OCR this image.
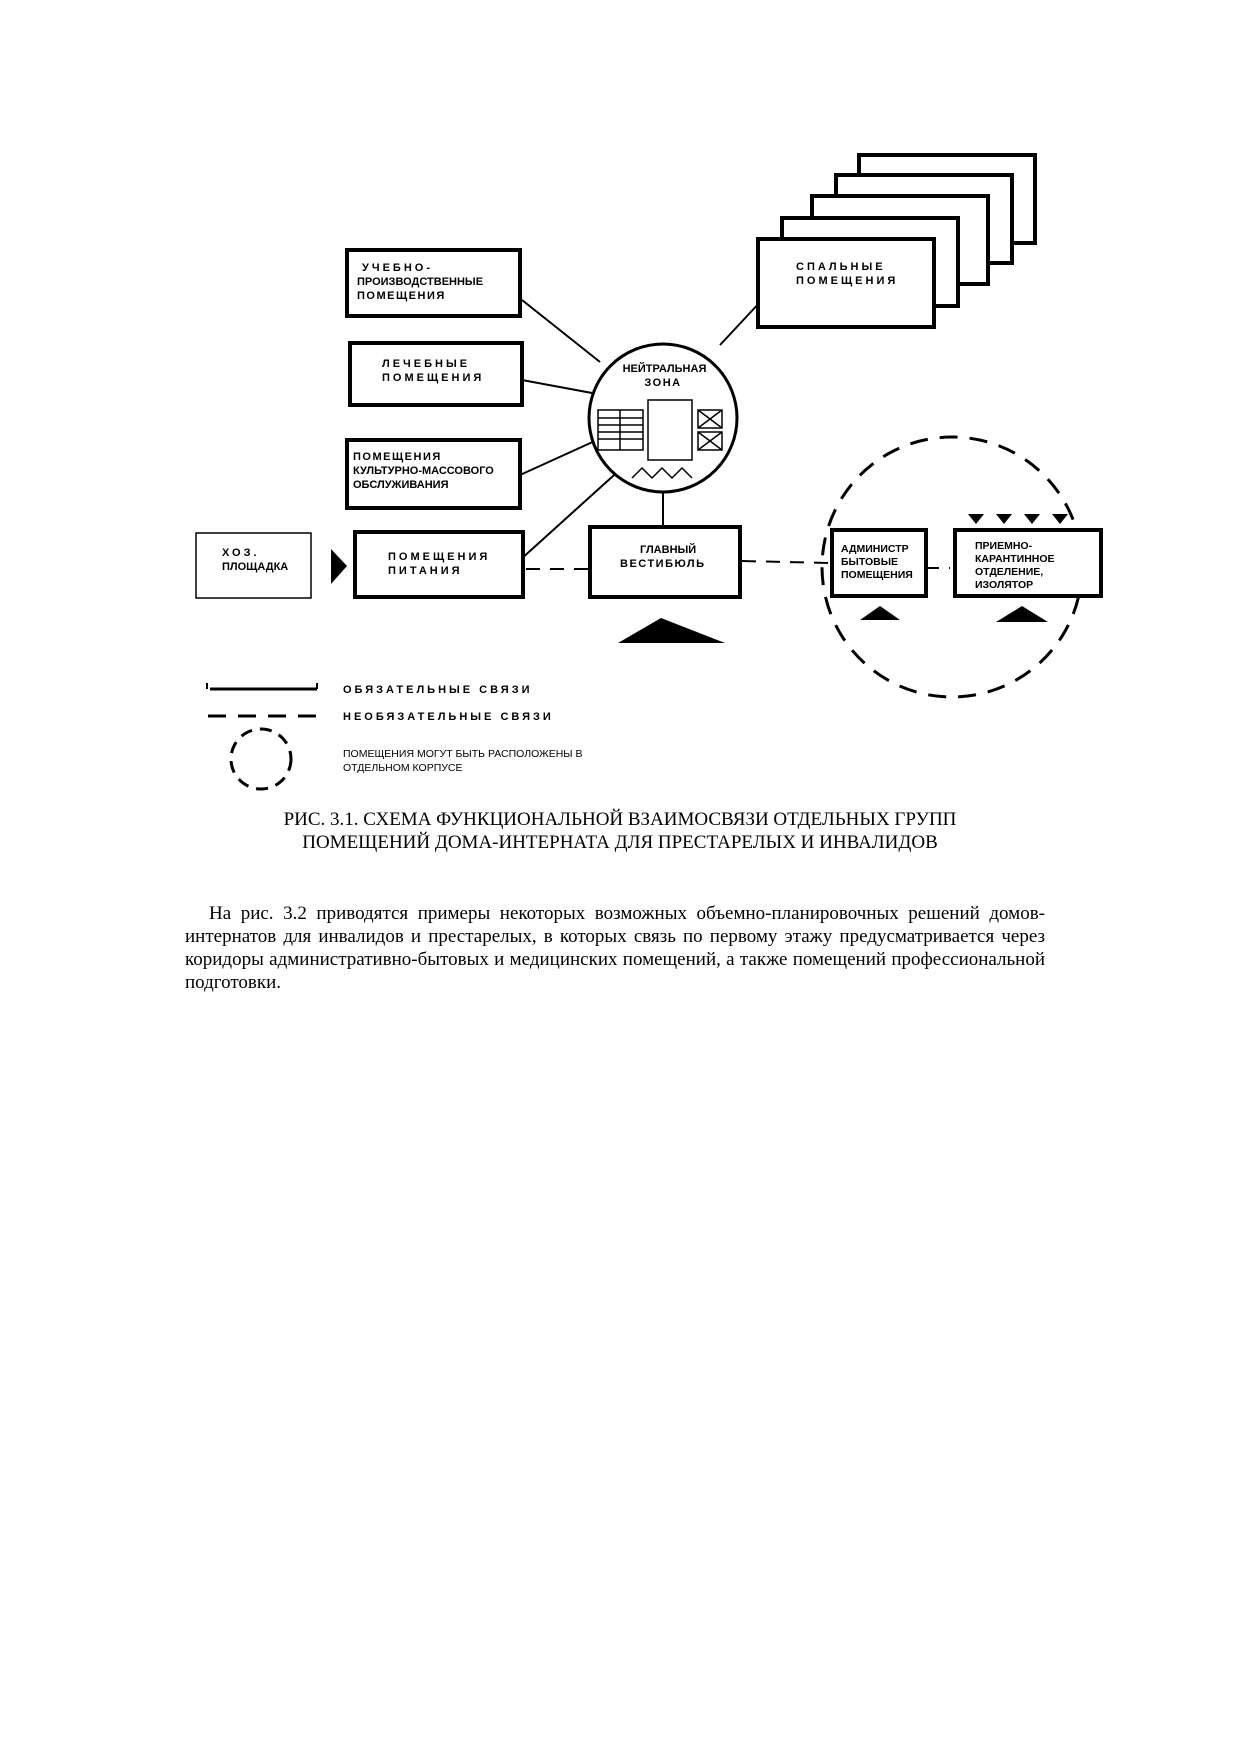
НЕЙТРАЛЬНАЯ ЗОНА
УЧЕБНО- ПРОИЗВОДСТВЕННЫЕ ПОМЕЩЕНИЯ
ЛЕЧЕБНЫЕ ПОМЕЩЕНИЯ
ПОМЕЩЕНИЯ КУЛЬТУРНО-МАССОВОГО ОБСЛУЖИВАНИЯ
ПОМЕЩЕНИЯ ПИТАНИЯ
ХОЗ. ПЛОЩАДКА
СПАЛЬНЫЕ ПОМЕЩЕНИЯ
ГЛАВНЫЙ ВЕСТИБЮЛЬ
АДМИНИСТР БЫТОВЫЕ ПОМЕЩЕНИЯ
ПРИЕМНО- КАРАНТИННОЕ ОТДЕЛЕНИЕ, ИЗОЛЯТОР
ОБЯЗАТЕЛЬНЫЕ СВЯЗИ
НЕОБЯЗАТЕЛЬНЫЕ СВЯЗИ
ПОМЕЩЕНИЯ МОГУТ БЫТЬ РАСПОЛОЖЕНЫ В ОТДЕЛЬНОМ КОРПУСЕ
РИС. 3.1. СХЕМА ФУНКЦИОНАЛЬНОЙ ВЗАИМОСВЯЗИ ОТДЕЛЬНЫХ ГРУПП
ПОМЕЩЕНИЙ ДОМА-ИНТЕРНАТА ДЛЯ ПРЕСТАРЕЛЫХ И ИНВАЛИДОВ

На рис. 3.2 приводятся примеры некоторых возможных объемно-планировочных решений домов-интернатов для инвалидов и престарелых, в которых связь по первому этажу предусматривается через коридоры административно-бытовых и медицинских помещений, а также помещений профессиональной подготовки.
